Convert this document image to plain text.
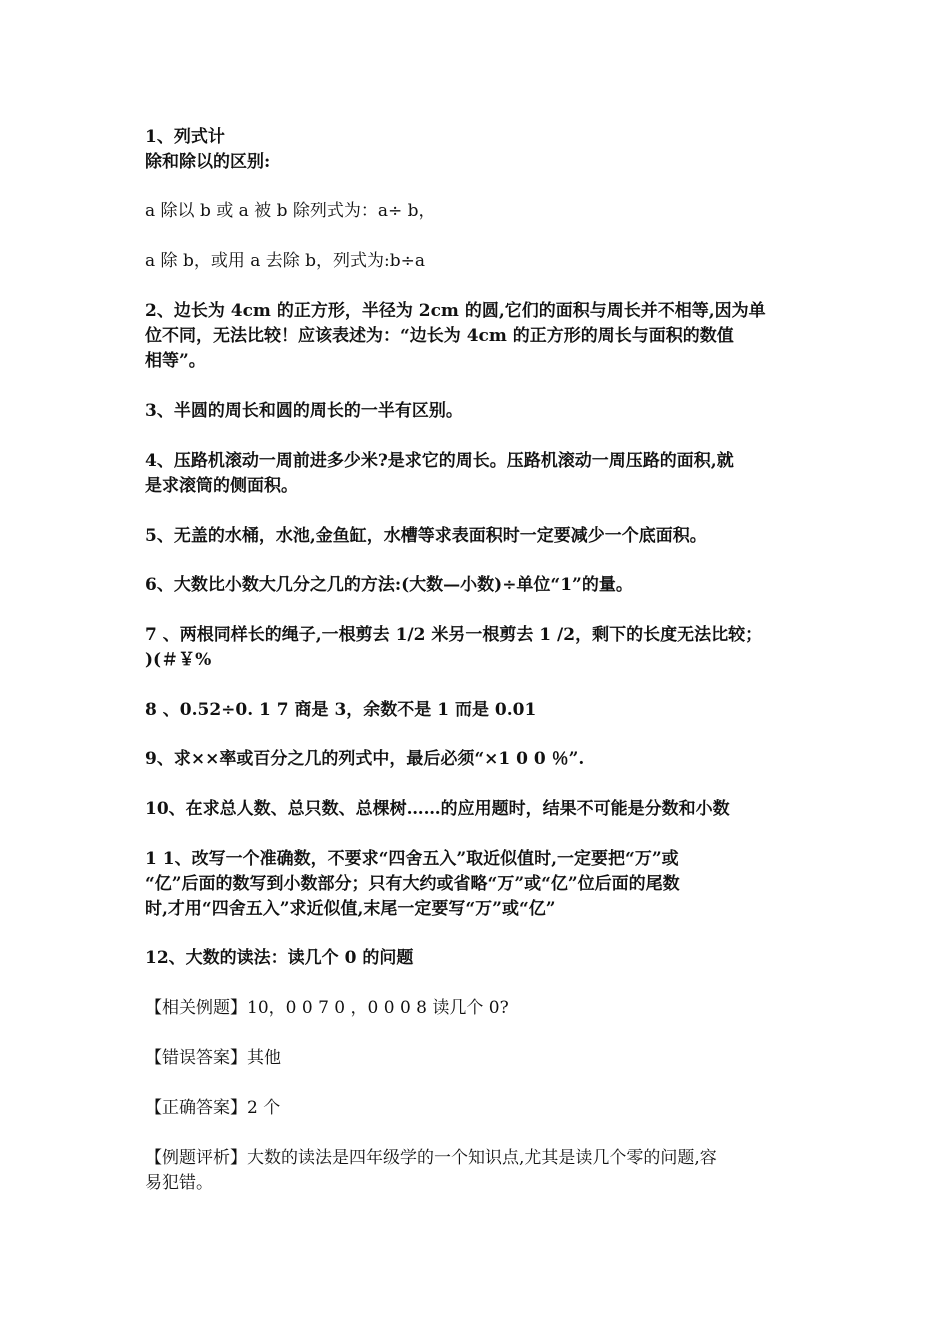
1、列式计
除和除以的区别:
a 除以 b 或 a 被 b 除列式为：a÷ b，
a 除 b，或用 a 去除 b，列式为:b÷a
2、边长为 4cm 的正方形，半径为 2cm 的圆,它们的面积与周长并不相等,因为单
位不同，无法比较！应该表述为：“边长为 4cm 的正方形的周长与面积的数值
相等”。
3、半圆的周长和圆的周长的一半有区别。
4、压路机滚动一周前进多少米?是求它的周长。压路机滚动一周压路的面积,就
是求滚筒的侧面积。
5、无盖的水桶，水池,金鱼缸，水槽等求表面积时一定要减少一个底面积。
6、大数比小数大几分之几的方法:(大数—小数)÷单位“1”的量。
7 、两根同样长的绳子,一根剪去 1/2 米另一根剪去 1 /2，剩下的长度无法比较；
)(＃￥%
8 、0.52÷0. 1 7 商是 3，余数不是 1 而是 0.01
9、求××率或百分之几的列式中，最后必须“×1 0 0 ％”.
10、在求总人数、总只数、总棵树……的应用题时，结果不可能是分数和小数
1 1、改写一个准确数，不要求“四舍五入”取近似值时,一定要把“万”或
“亿”后面的数写到小数部分；只有大约或省略“万”或“亿”位后面的尾数
时,才用“四舍五入”求近似值,末尾一定要写“万”或“亿”
12、大数的读法：读几个 0 的问题
【相关例题】10，0 0 7 0 ，0 0 0 8 读几个 0?
【错误答案】其他
【正确答案】2 个
【例题评析】大数的读法是四年级学的一个知识点,尤其是读几个零的问题,容
易犯错。
